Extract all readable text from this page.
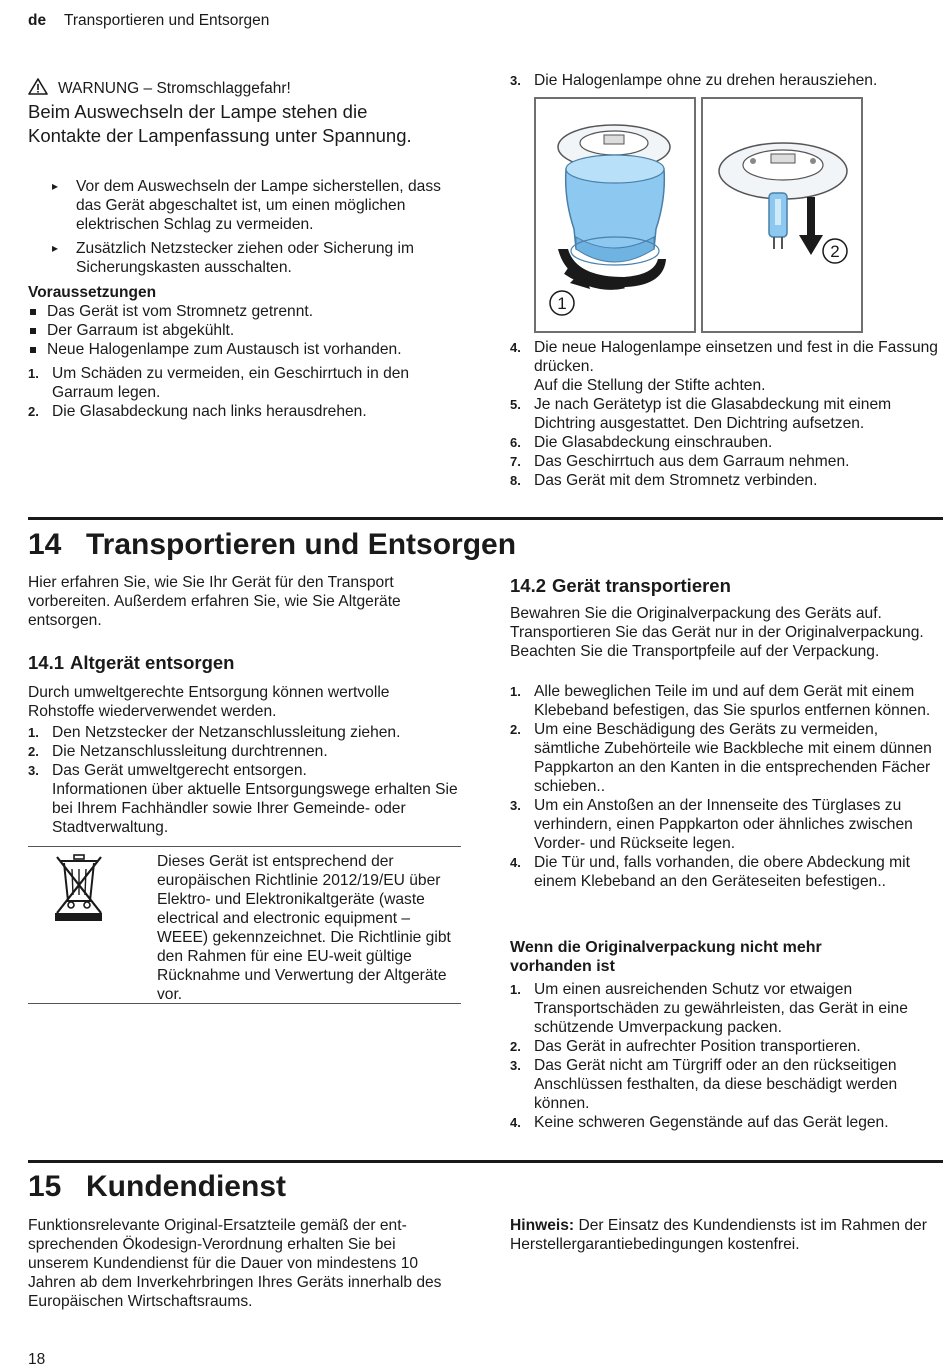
de Transportieren und Entsorgen
WARNUNG – Stromschlaggefahr!
Beim Auswechseln der Lampe stehen die Kontakte der Lampenfassung unter Spannung.
▸ Vor dem Auswechseln der Lampe sicherstellen, dass das Gerät abgeschaltet ist, um einen möglichen elektrischen Schlag zu vermeiden.
▸ Zusätzlich Netzstecker ziehen oder Sicherung im Sicherungskasten ausschalten.
Voraussetzungen
Das Gerät ist vom Stromnetz getrennt.
Der Garraum ist abgekühlt.
Neue Halogenlampe zum Austausch ist vorhanden.
1. Um Schäden zu vermeiden, ein Geschirrtuch in den Garraum legen.
2. Die Glasabdeckung nach links herausdrehen.
3. Die Halogenlampe ohne zu drehen herausziehen.
1
2
4. Die neue Halogenlampe einsetzen und fest in die Fassung drücken.
Auf die Stellung der Stifte achten.
5. Je nach Gerätetyp ist die Glasabdeckung mit einem Dichtring ausgestattet. Den Dichtring aufsetzen.
6. Die Glasabdeckung einschrauben.
7. Das Geschirrtuch aus dem Garraum nehmen.
8. Das Gerät mit dem Stromnetz verbinden.
14 Transportieren und Entsorgen
Hier erfahren Sie, wie Sie Ihr Gerät für den Transport vorbereiten. Außerdem erfahren Sie, wie Sie Altgeräte entsorgen.
14.1 Altgerät entsorgen
Durch umweltgerechte Entsorgung können wertvolle Rohstoffe wiederverwendet werden.
1. Den Netzstecker der Netzanschlussleitung ziehen.
2. Die Netzanschlussleitung durchtrennen.
3. Das Gerät umweltgerecht entsorgen.
Informationen über aktuelle Entsorgungswege erhalten Sie bei Ihrem Fachhändler sowie Ihrer Gemeinde- oder Stadtverwaltung.
Dieses Gerät ist entsprechend der europäischen Richtlinie 2012/19/EU über Elektro- und Elektronikaltgeräte (waste electrical and electronic equipment – WEEE) gekennzeichnet. Die Richtlinie gibt den Rahmen für eine EU-weit gültige Rücknahme und Verwertung der Altgeräte vor.
14.2 Gerät transportieren
Bewahren Sie die Originalverpackung des Geräts auf. Transportieren Sie das Gerät nur in der Originalverpackung. Beachten Sie die Transportpfeile auf der Verpackung.
1. Alle beweglichen Teile im und auf dem Gerät mit einem Klebeband befestigen, das Sie spurlos entfernen können.
2. Um eine Beschädigung des Geräts zu vermeiden, sämtliche Zubehörteile wie Backbleche mit einem dünnen Pappkarton an den Kanten in die entsprechenden Fächer schieben..
3. Um ein Anstoßen an der Innenseite des Türglases zu verhindern, einen Pappkarton oder ähnliches zwischen Vorder- und Rückseite legen.
4. Die Tür und, falls vorhanden, die obere Abdeckung mit einem Klebeband an den Geräteseiten befestigen..
Wenn die Originalverpackung nicht mehr vorhanden ist
1. Um einen ausreichenden Schutz vor etwaigen Transportschäden zu gewährleisten, das Gerät in eine schützende Umverpackung packen.
2. Das Gerät in aufrechter Position transportieren.
3. Das Gerät nicht am Türgriff oder an den rückseitigen Anschlüssen festhalten, da diese beschädigt werden können.
4. Keine schweren Gegenstände auf das Gerät legen.
15 Kundendienst
Funktionsrelevante Original-Ersatzteile gemäß der entsprechenden Ökodesign-Verordnung erhalten Sie bei unserem Kundendienst für die Dauer von mindestens 10 Jahren ab dem Inverkehrbringen Ihres Geräts innerhalb des Europäischen Wirtschaftsraums.
Hinweis: Der Einsatz des Kundendiensts ist im Rahmen der Herstellergarantiebedingungen kostenfrei.
18
